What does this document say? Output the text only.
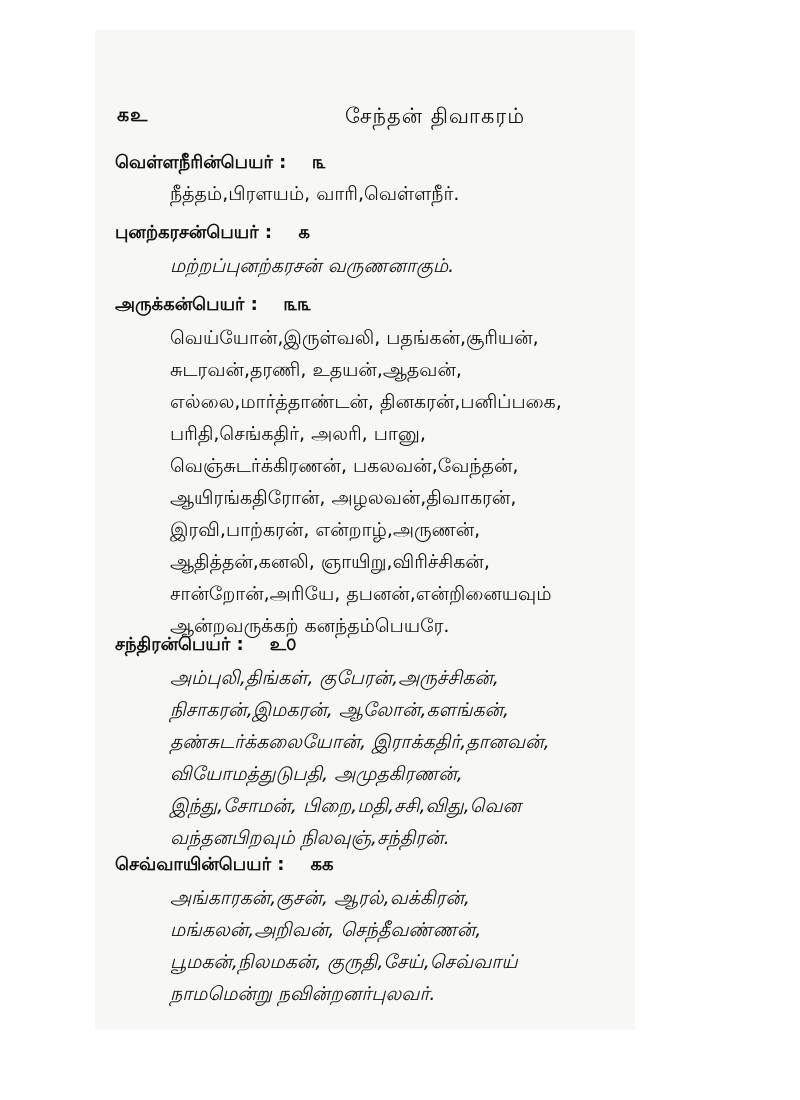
கஉ	சேந்தன் திவாகரம்
வெள்ளநீரின்பெயர் : ௩
நீத்தம்,பிரளயம், வாரி,வெள்ளநீர்.
புனற்கரசன்பெயர் : ௧
மற்றப்புனற்கரசன் வருணனாகும்.
அருக்கன்பெயர் : ௩௩
வெய்யோன்,இருள்வலி, பதங்கன்,சூரியன்,
சுடரவன்,தரணி, உதயன்,ஆதவன்,
எல்லை,மார்த்தாண்டன், தினகரன்,பனிப்பகை,
பரிதி,செங்கதிர், அலரி, பானு,
வெஞ்சுடர்க்கிரணன், பகலவன்,வேந்தன்,
ஆயிரங்கதிரோன், அழலவன்,திவாகரன்,
இரவி,பாற்கரன், என்றாழ்,அருணன்,
ஆதித்தன்,கனலி, ஞாயிறு,விரிச்சிகன்,
சான்றோன்,அரியே, தபனன்,என்றினையவும்
ஆன்றவருக்கற் கனந்தம்பெயரே.
சந்திரன்பெயர் : உ௦
அம்புலி,திங்கள், குபேரன்,அருச்சிகன்,
நிசாகரன்,இமகரன், ஆலோன்,களங்கன்,
தண்சுடர்க்கலையோன், இராக்கதிர்,தானவன்,
வியோமத்துடுபதி, அமுதகிரணன்,
இந்து,சோமன், பிறை,மதி,சசி,விது,வென
வந்தனபிறவும் நிலவுஞ்,சந்திரன்.
செவ்வாயின்பெயர் : கக
அங்காரகன்,குசன், ஆரல்,வக்கிரன்,
மங்கலன்,அறிவன், செந்தீவண்ணன்,
பூமகன்,நிலமகன், குருதி,சேய்,செவ்வாய்
நாமமென்று நவின்றனர்புலவர்.
